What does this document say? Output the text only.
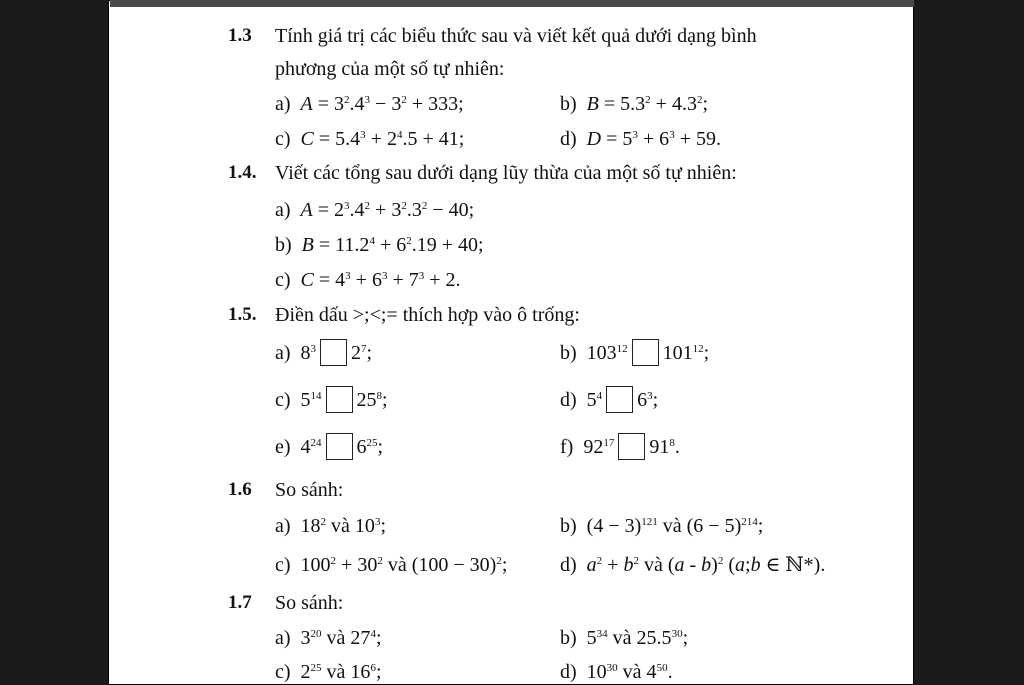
1.3 Tính giá trị các biểu thức sau và viết kết quả dưới dạng bình
phương của một số tự nhiên:
a)  $A = 3^2.4^3 - 3^2 + 333$;	b)  $B = 5.3^2 + 4.3^2$;
c)  $C = 5.4^3 + 2^4.5 + 41$;	d)  $D = 5^3 + 6^3 + 59$.
1.4. Viết các tổng sau dưới dạng lũy thừa của một số tự nhiên:
a)  $A = 2^3.4^2 + 3^2.3^2 - 40$;
b)  $B = 11.2^4 + 6^2.19 + 40$;
c)  $C = 4^3 + 6^3 + 7^3 + 2$.
1.5. Điền dấu >;<;= thích hợp vào ô trống:
a)  $8^3$ $2^7$;	b)  $103^{12}$ $101^{12}$;
c)  $5^{14}$ $25^8$;	d)  $5^4$ $6^3$;
e)  $4^{24}$ $6^{25}$;	f)  $92^{17}$ $91^8$.
1.6 So sánh:
a)  $18^2$ và $10^3$;	b)  $(4 - 3)^{121}$ và $(6 - 5)^{214}$;
c)  $100^2 + 30^2$ và $(100 - 30)^2$;	d)  $a^2 + b^2$ và (a - b)$^2$ (a;b ∈ ℕ*).
1.7 So sánh:
a)  $3^{20}$ và $27^4$;	b)  $5^{34}$ và 25.5$^{30}$;
c)  $2^{25}$ và $16^6$;	d)  $10^{30}$ và $4^{50}$.
